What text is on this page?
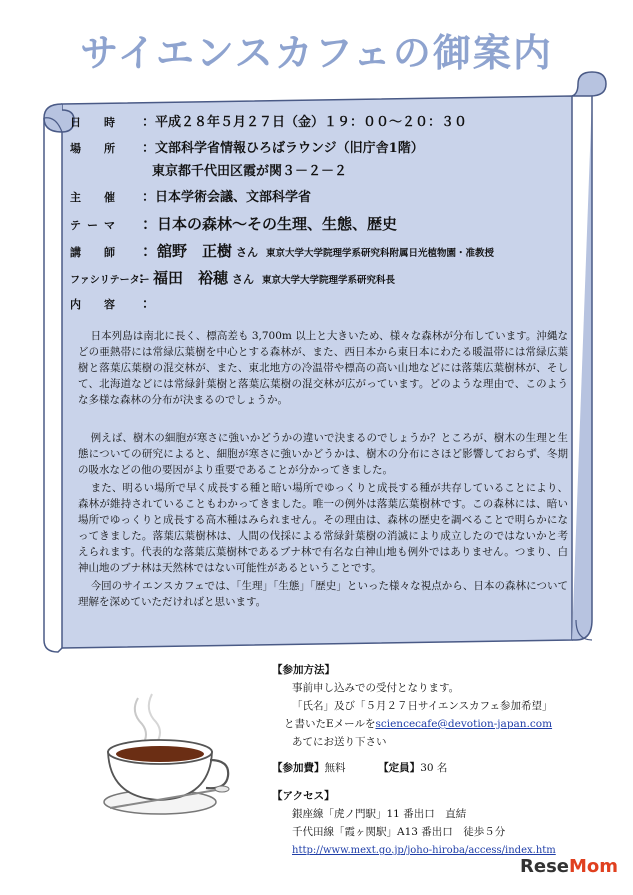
サイエンスカフェの御案内
日　時 ：平成２８年５月２７日（金）１９：００～２０：３０
場　所 ：文部科学省情報ひろばラウンジ（旧庁舎1階）
東京都千代田区霞が関３－２－２
主　催 ：日本学術会議、文部科学省
テーマ ：日本の森林～その生理、生態、歴史
講　師 ：舘野　正樹 さん 東京大学大学院理学系研究科附属日光植物園・准教授
ファシリテーター：福田　裕穂 さん 東京大学大学院理学系研究科長
内　容 ：
日本列島は南北に長く、標高差も 3,700m 以上と大きいため、様々な森林が分布しています。沖縄などの亜熱帯には常緑広葉樹を中心とする森林が、また、西日本から東日本にわたる暖温帯には常緑広葉樹と落葉広葉樹の混交林が、また、東北地方の冷温帯や標高の高い山地などには落葉広葉樹林が、そして、北海道などには常緑針葉樹と落葉広葉樹の混交林が広がっています。どのような理由で、このような多様な森林の分布が決まるのでしょうか。
例えば、樹木の細胞が寒さに強いかどうかの違いで決まるのでしょうか？ところが、樹木の生理と生態についての研究によると、細胞が寒さに強いかどうかは、樹木の分布にさほど影響しておらず、冬期の吸水などの他の要因がより重要であることが分かってきました。
また、明るい場所で早く成長する種と暗い場所でゆっくりと成長する種が共存していることにより、森林が維持されていることもわかってきました。唯一の例外は落葉広葉樹林です。この森林には、暗い場所でゆっくりと成長する高木種はみられません。その理由は、森林の歴史を調べることで明らかになってきました。落葉広葉樹林は、人間の伐採による常緑針葉樹の消滅により成立したのではないかと考えられます。代表的な落葉広葉樹林であるブナ林で有名な白神山地も例外ではありません。つまり、白神山地のブナ林は天然林ではない可能性があるということです。
今回のサイエンスカフェでは、「生理」「生態」「歴史」といった様々な視点から、日本の森林について理解を深めていただければと思います。
【参加方法】
事前申し込みでの受付となります。
「氏名」及び「５月２７日サイエンスカフェ参加希望」
と書いたEメールをsciencecafe@devotion-japan.com
あてにお送り下さい
【参加費】無料	【定員】30 名
【アクセス】
銀座線「虎ノ門駅」11 番出口　直結
千代田線「霞ヶ関駅」A13 番出口　徒歩５分
http://www.mext.go.jp/joho-hiroba/access/index.htm
ReseMom
